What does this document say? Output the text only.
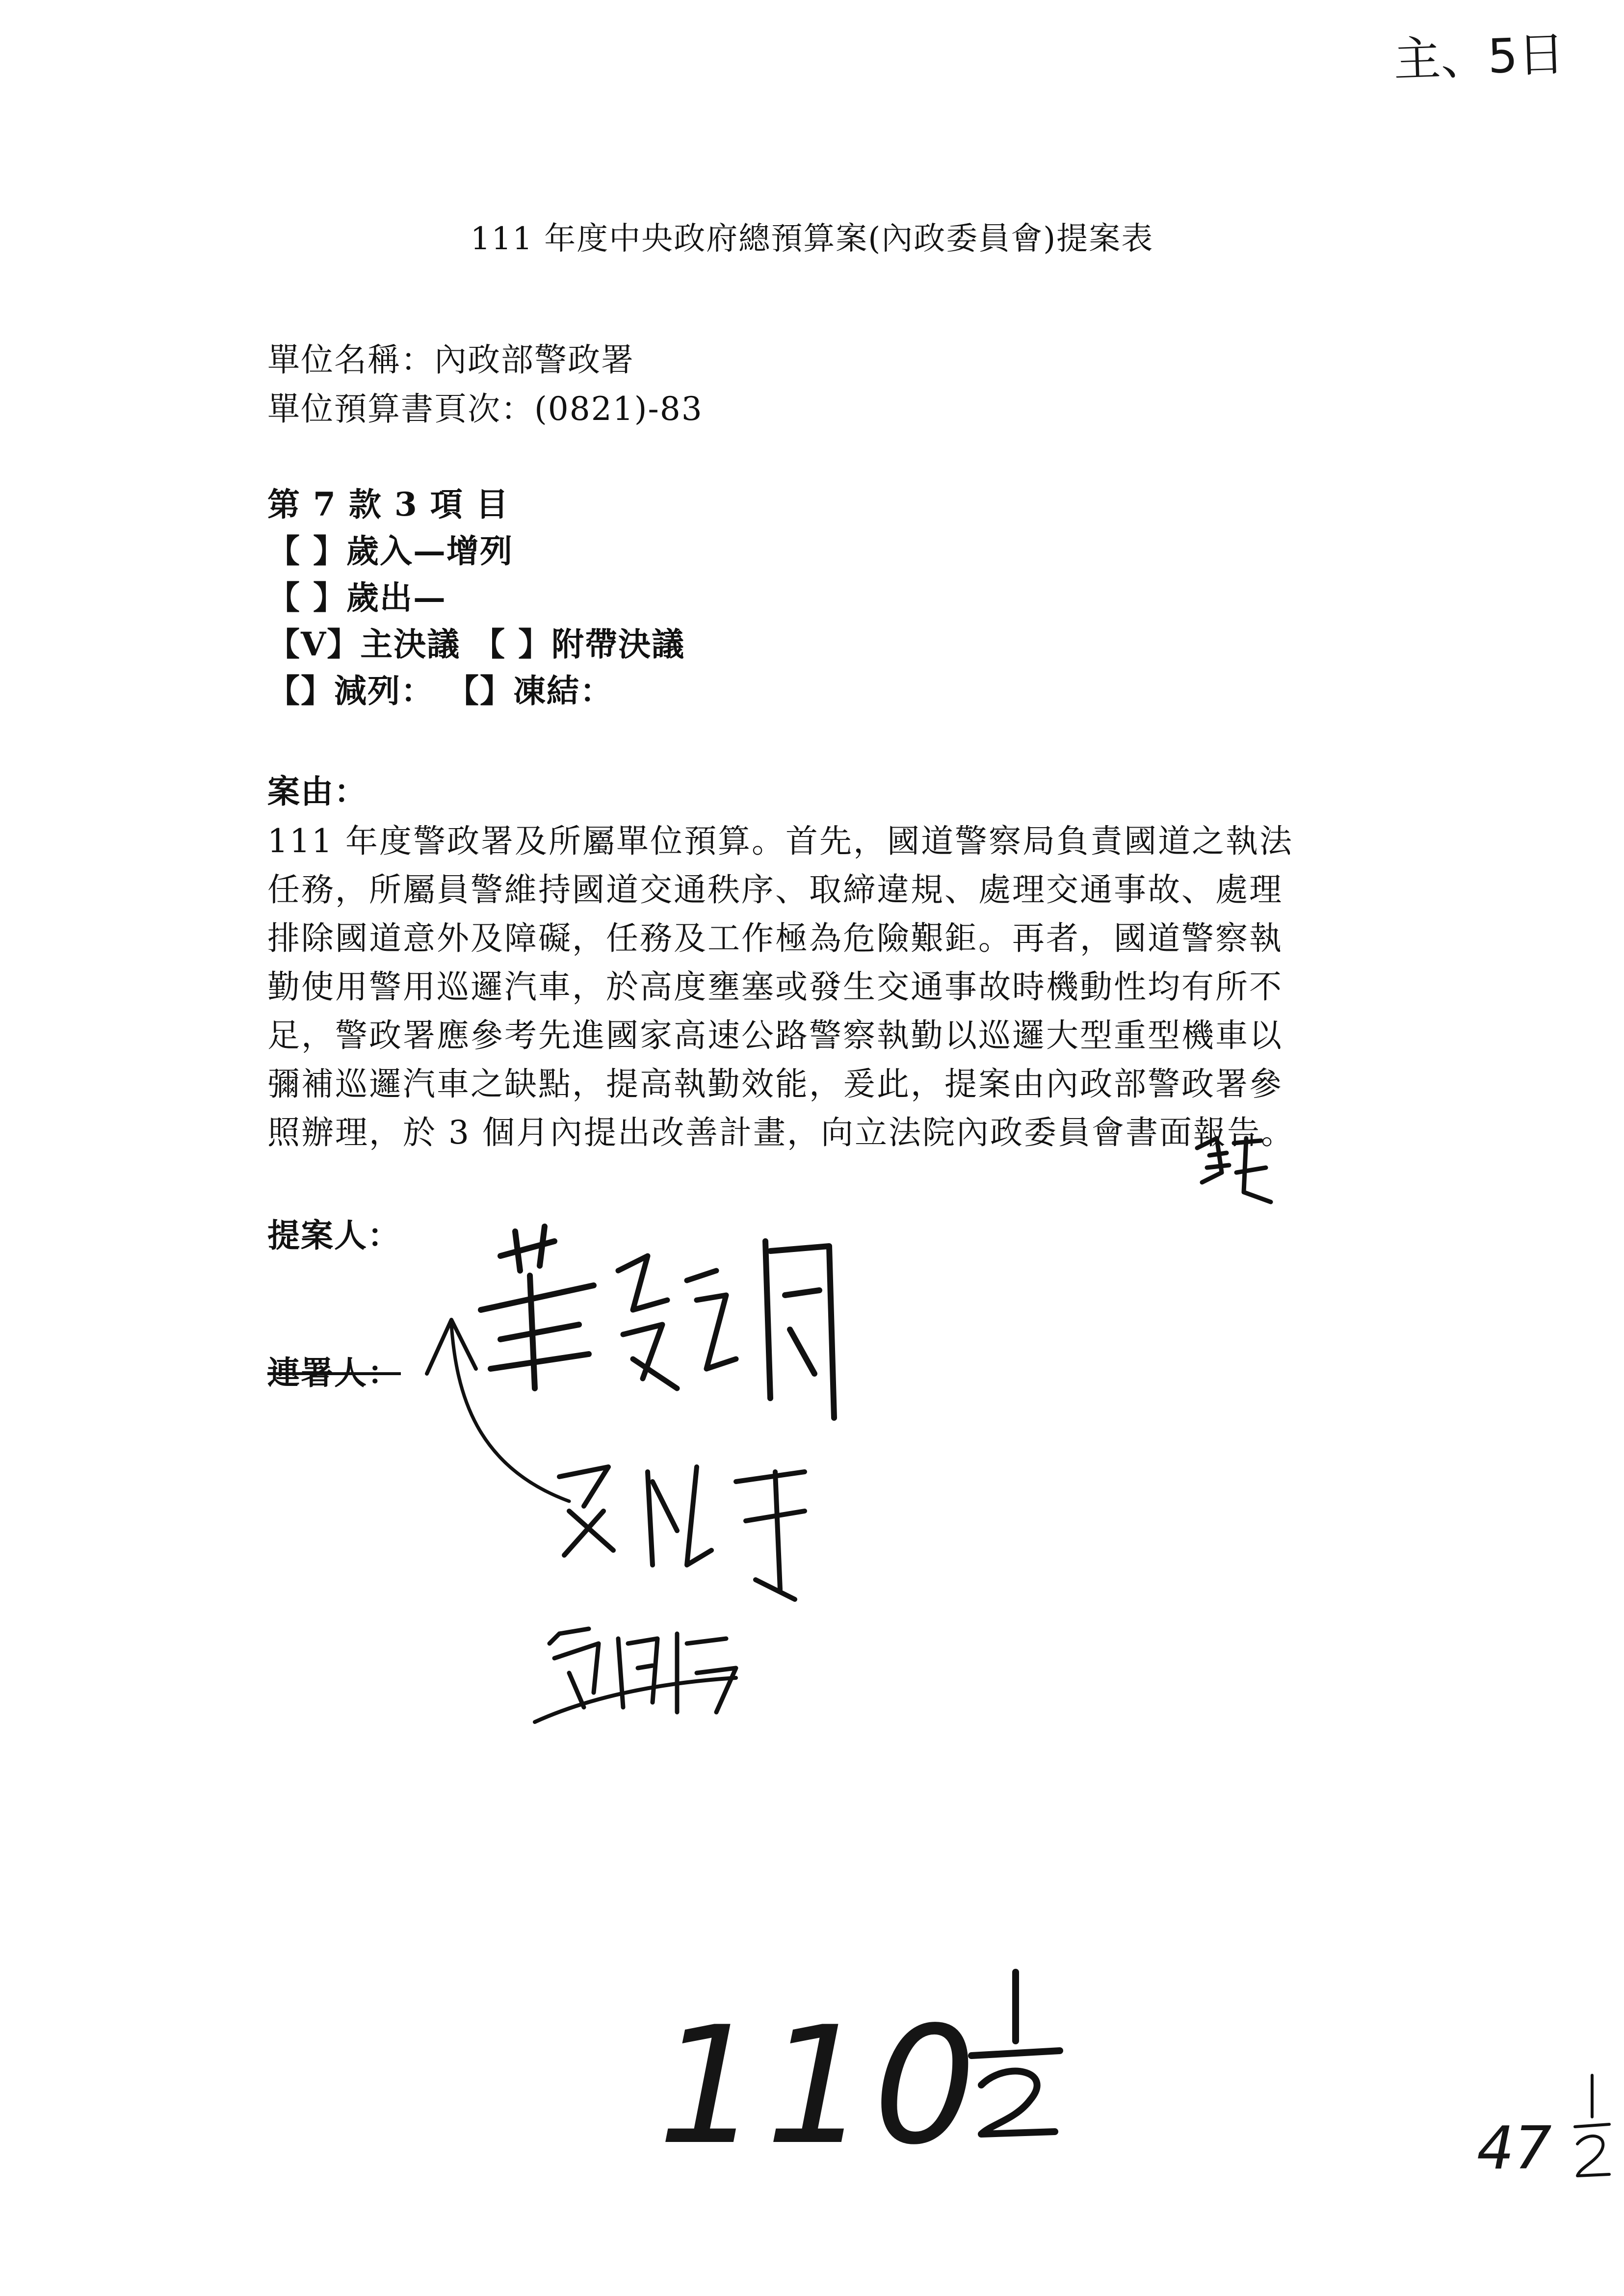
主、5日
111 年度中央政府總預算案(內政委員會)提案表
單位名稱：內政部警政署
單位預算書頁次：(0821)-83
第 7 款 3 項 目
【 】歲入—增列
【 】歲出—
【V】主決議 【 】附帶決議
【】減列： 【】凍結：
案由：
111 年度警政署及所屬單位預算。首先，國道警察局負責國道之執法
任務，所屬員警維持國道交通秩序、取締違規、處理交通事故、處理
排除國道意外及障礙，任務及工作極為危險艱鉅。再者，國道警察執
勤使用警用巡邏汽車，於高度壅塞或發生交通事故時機動性均有所不
足，警政署應參考先進國家高速公路警察執勤以巡邏大型重型機車以
彌補巡邏汽車之缺點，提高執勤效能，爰此，提案由內政部警政署參
照辦理，於 3 個月內提出改善計畫，向立法院內政委員會書面報告。
提案人：
連署人：
110	47
